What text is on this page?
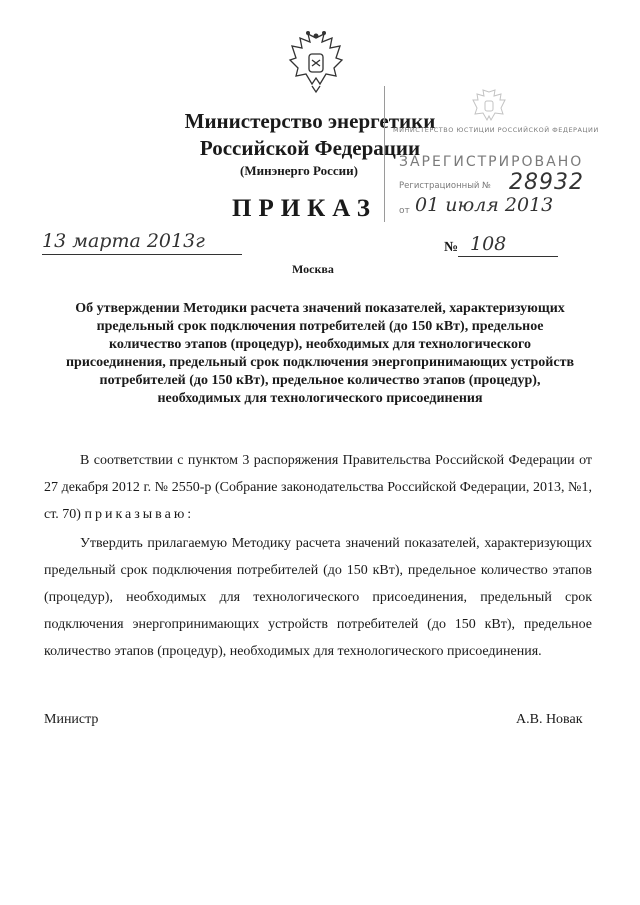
Министерство энергетики
Российской Федерации
(Минэнерго России)
ПРИКАЗ
МИНИСТЕРСТВО ЮСТИЦИИ РОССИЙСКОЙ ФЕДЕРАЦИИ
ЗАРЕГИСТРИРОВАНО
Регистрационный № 28932
от 01 июля 2013
13 марта 2013г	№ 108
Москва
Об утверждении Методики расчета значений показателей, характеризующих предельный срок подключения потребителей (до 150 кВт), предельное количество этапов (процедур), необходимых для технологического присоединения, предельный срок подключения энергопринимающих устройств потребителей (до 150 кВт), предельное количество этапов (процедур), необходимых для технологического присоединения
В соответствии с пунктом 3 распоряжения Правительства Российской Федерации от 27 декабря 2012 г. № 2550-р (Собрание законодательства Российской Федерации, 2013, №1, ст. 70) приказываю:
Утвердить прилагаемую Методику расчета значений показателей, характеризующих предельный срок подключения потребителей (до 150 кВт), предельное количество этапов (процедур), необходимых для технологического присоединения, предельный срок подключения энергопринимающих устройств потребителей (до 150 кВт), предельное количество этапов (процедур), необходимых для технологического присоединения.
Министр	А.В. Новак
